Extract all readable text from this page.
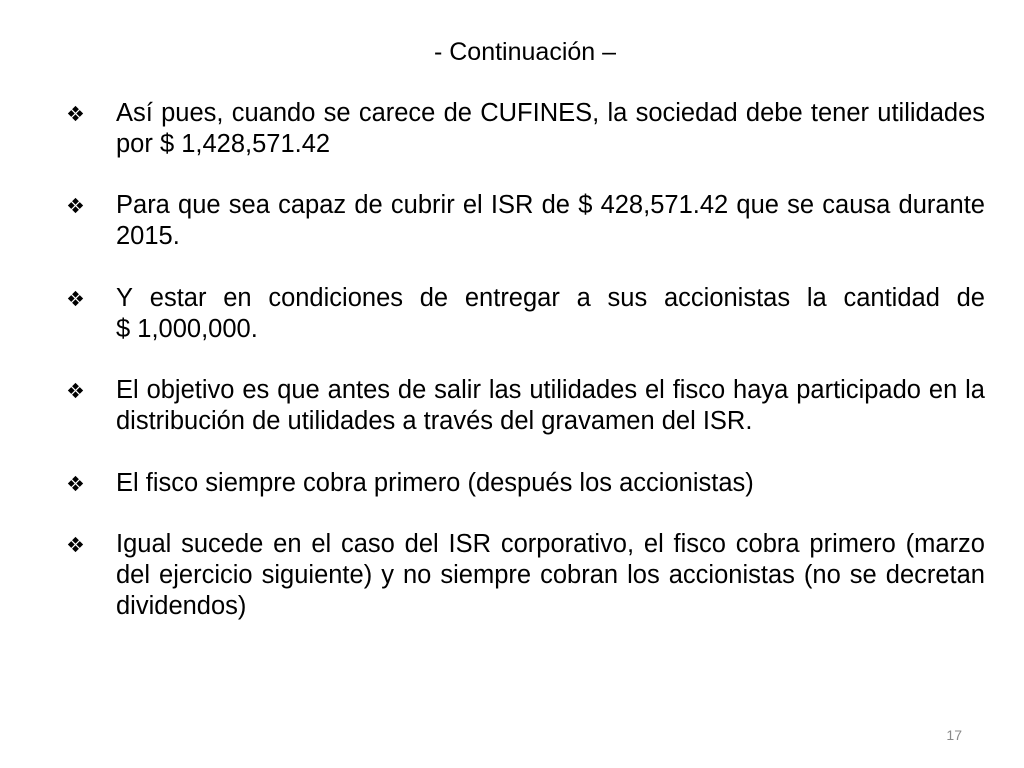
- Continuación –

Así pues, cuando se carece de CUFINES, la sociedad debe tener utilidades por $ 1,428,571.42

Para que sea capaz de cubrir el ISR de $ 428,571.42 que se causa durante 2015.

Y estar en condiciones de entregar a sus accionistas la cantidad de $ 1,000,000.

El objetivo es que antes de salir las utilidades el fisco haya participado en la distribución de utilidades a través del gravamen del ISR.

El fisco siempre cobra primero (después los accionistas)

Igual sucede en el caso del ISR corporativo, el fisco cobra primero (marzo del ejercicio siguiente) y no siempre cobran los accionistas (no se decretan dividendos)

17
